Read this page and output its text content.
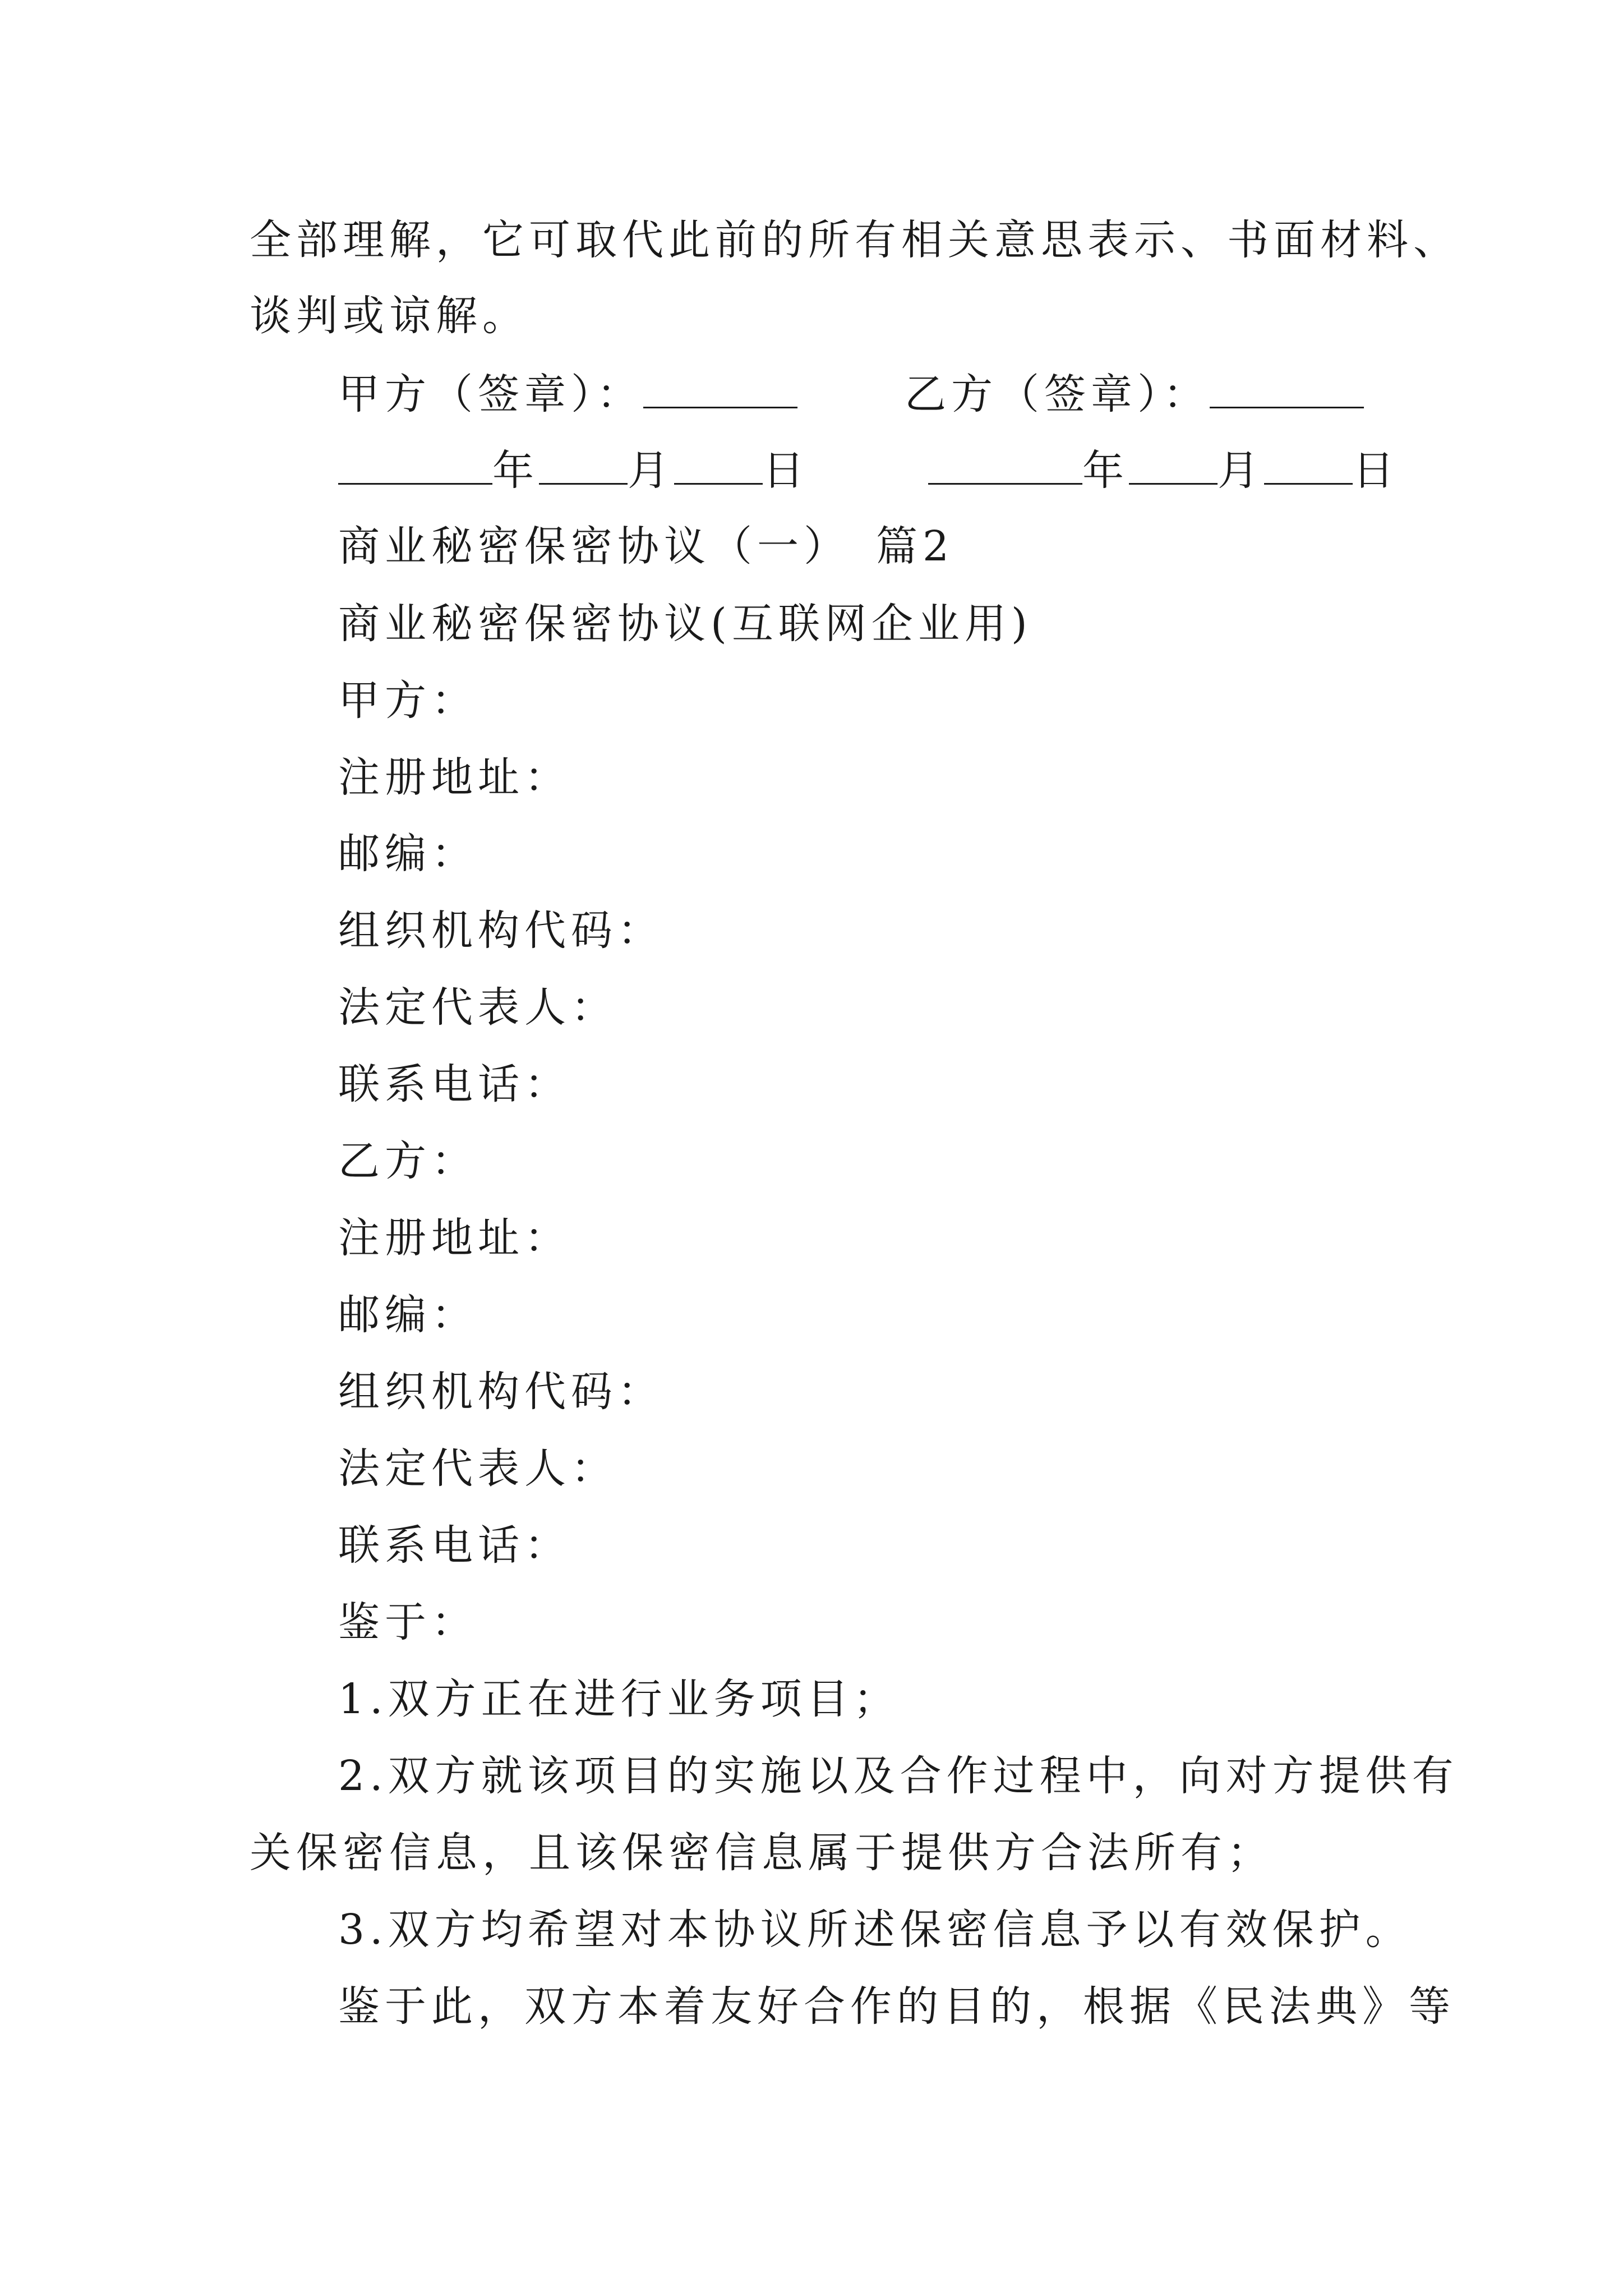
全部理解，它可取代此前的所有相关意思表示、书面材料、
谈判或谅解。
甲方（签章）：	乙方（签章）：
年 月 日	年 月 日
商业秘密保密协议（一）　篇2
商业秘密保密协议(互联网企业用)
甲方：
注册地址：
邮编：
组织机构代码：
法定代表人：
联系电话：
乙方：
注册地址：
邮编：
组织机构代码：
法定代表人：
联系电话：
鉴于：
1.双方正在进行业务项目；
2.双方就该项目的实施以及合作过程中，向对方提供有
关保密信息，且该保密信息属于提供方合法所有；
3.双方均希望对本协议所述保密信息予以有效保护。
鉴于此，双方本着友好合作的目的，根据《民法典》等
